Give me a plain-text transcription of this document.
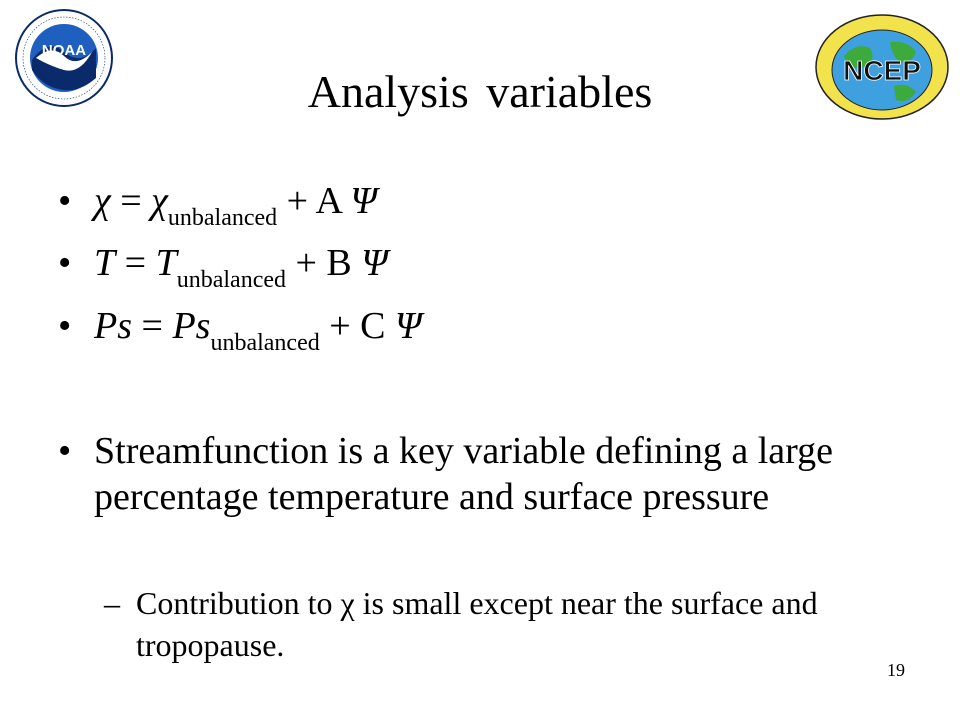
NOAA
NCEP
Analysis variables
• $\chi = \chi_{unbalanced} + A$ Ψ
• $T = T_{unbalanced} + B$ Ψ
• $Ps = Ps_{unbalanced} + C$ Ψ
• Streamfunction is a key variable defining a large percentage temperature and surface pressure
– Contribution to χ is small except near the surface and tropopause.
19
